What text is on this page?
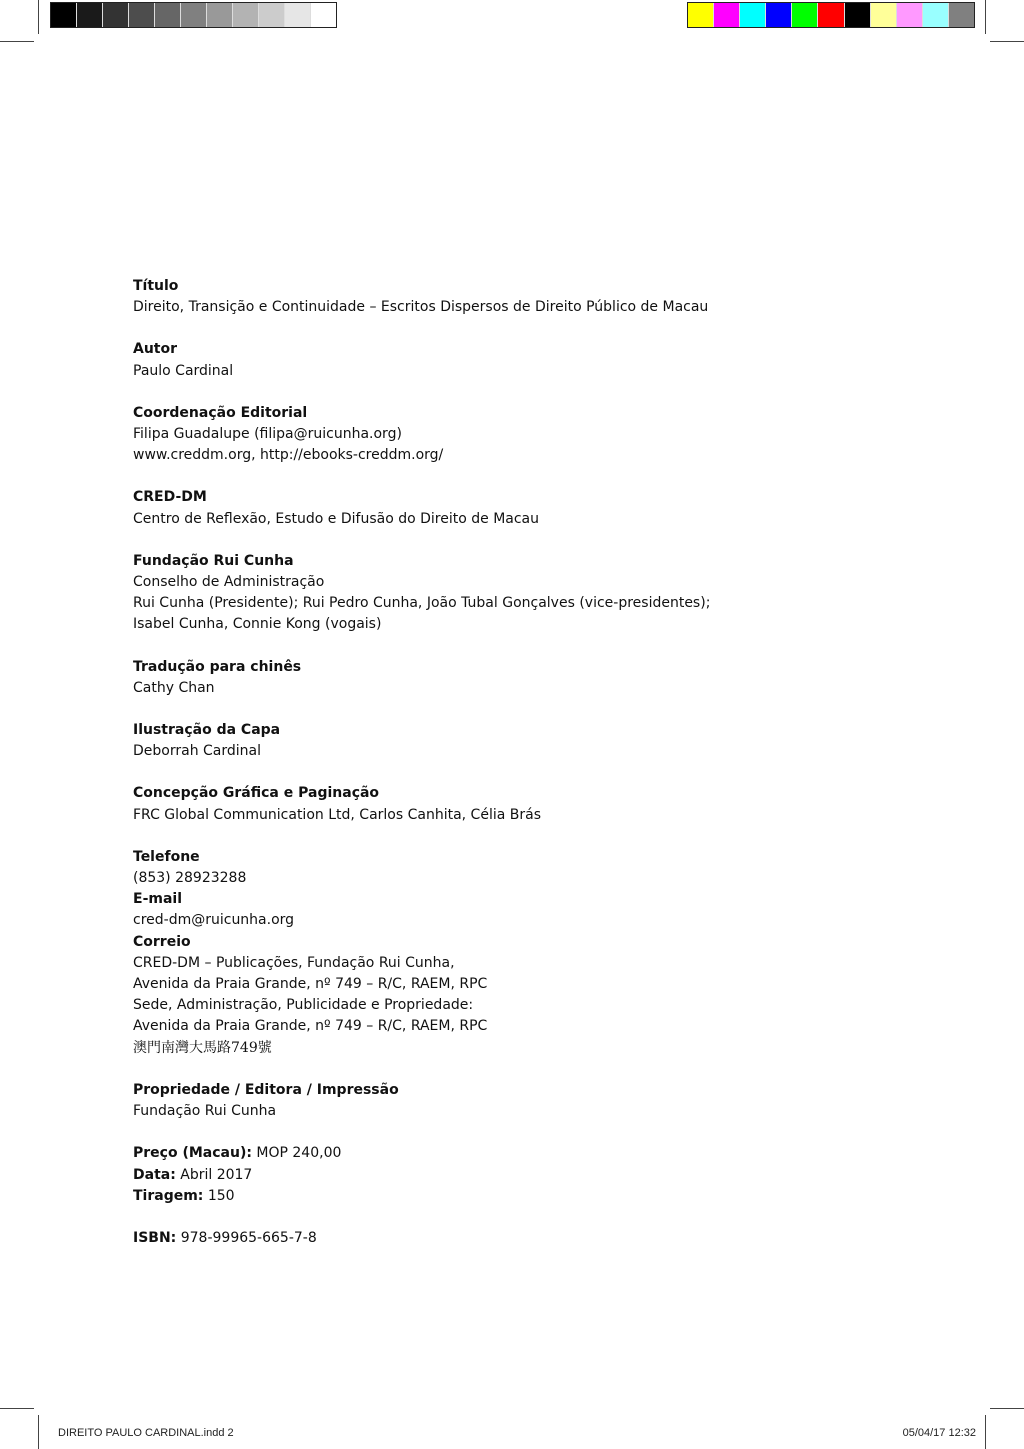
Título
Direito, Transição e Continuidade – Escritos Dispersos de Direito Público de Macau
Autor
Paulo Cardinal
Coordenação Editorial
Filipa Guadalupe (filipa@ruicunha.org)
www.creddm.org, http://ebooks-creddm.org/
CRED-DM
Centro de Reflexão, Estudo e Difusão do Direito de Macau
Fundação Rui Cunha
Conselho de Administração
Rui Cunha (Presidente); Rui Pedro Cunha, João Tubal Gonçalves (vice-presidentes);
Isabel Cunha, Connie Kong (vogais)
Tradução para chinês
Cathy Chan
Ilustração da Capa
Deborrah Cardinal
Concepção Gráfica e Paginação
FRC Global Communication Ltd, Carlos Canhita, Célia Brás
Telefone
(853) 28923288
E-mail
cred-dm@ruicunha.org
Correio
CRED-DM – Publicações, Fundação Rui Cunha,
Avenida da Praia Grande, nº 749 – R/C, RAEM, RPC
Sede, Administração, Publicidade e Propriedade:
Avenida da Praia Grande, nº 749 – R/C, RAEM, RPC
澳門南灣大馬路749號
Propriedade / Editora / Impressão
Fundação Rui Cunha
Preço (Macau): MOP 240,00
Data: Abril 2017
Tiragem: 150
ISBN: 978-99965-665-7-8
DIREITO PAULO CARDINAL.indd 2	05/04/17 12:32
